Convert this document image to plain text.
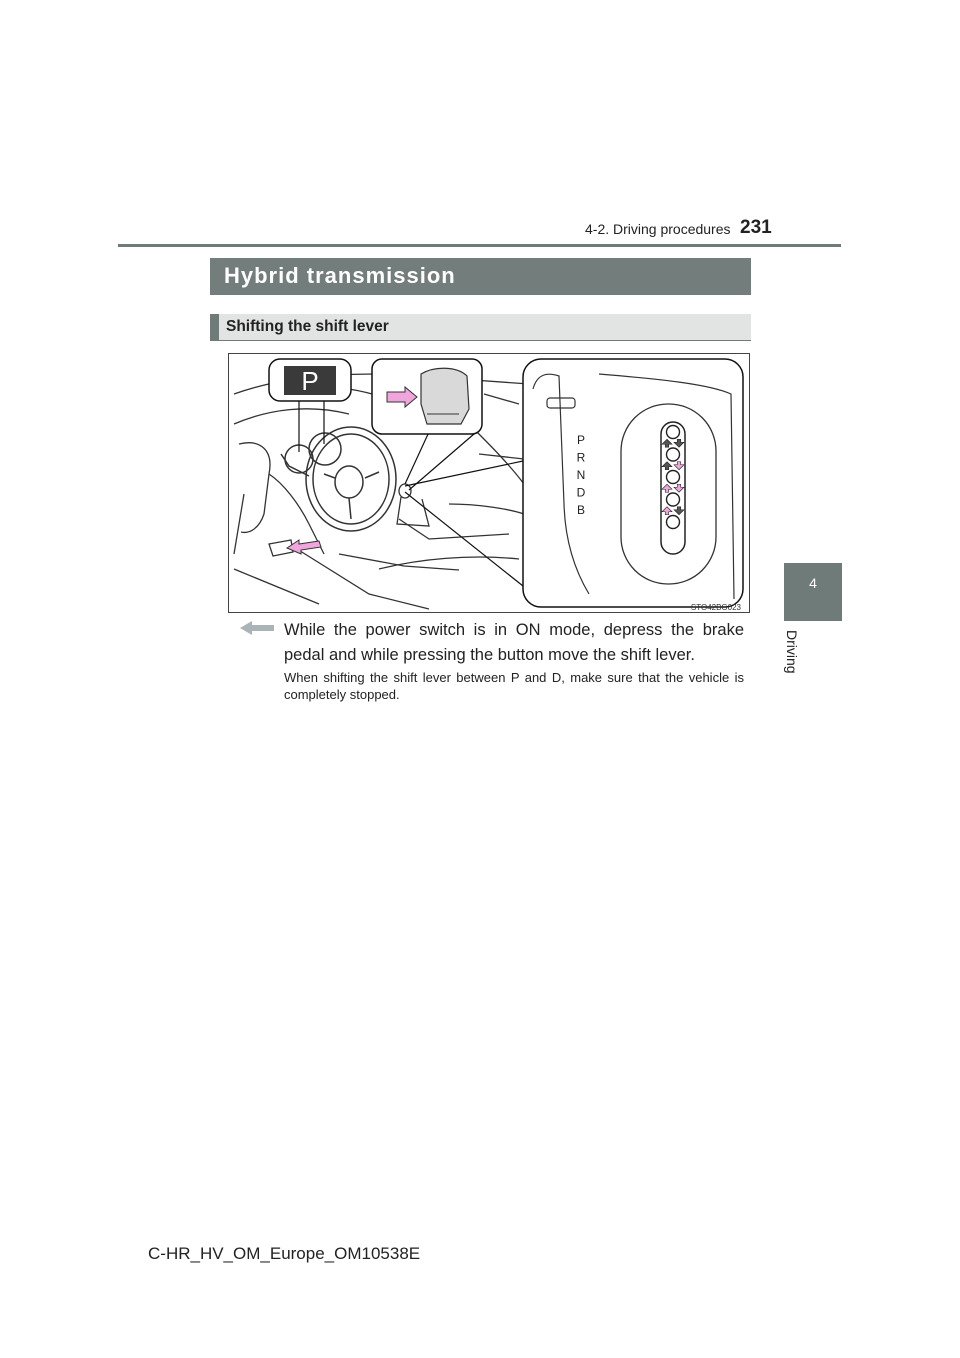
4-2. Driving procedures 231
4
Driving
Hybrid transmission
Shifting the shift lever
P
P
R
N
D
B
STO42BG023
While the power switch is in ON mode, depress the brake pedal and while pressing the button move the shift lever.
When shifting the shift lever between P and D, make sure that the vehicle is completely stopped.
C-HR_HV_OM_Europe_OM10538E
